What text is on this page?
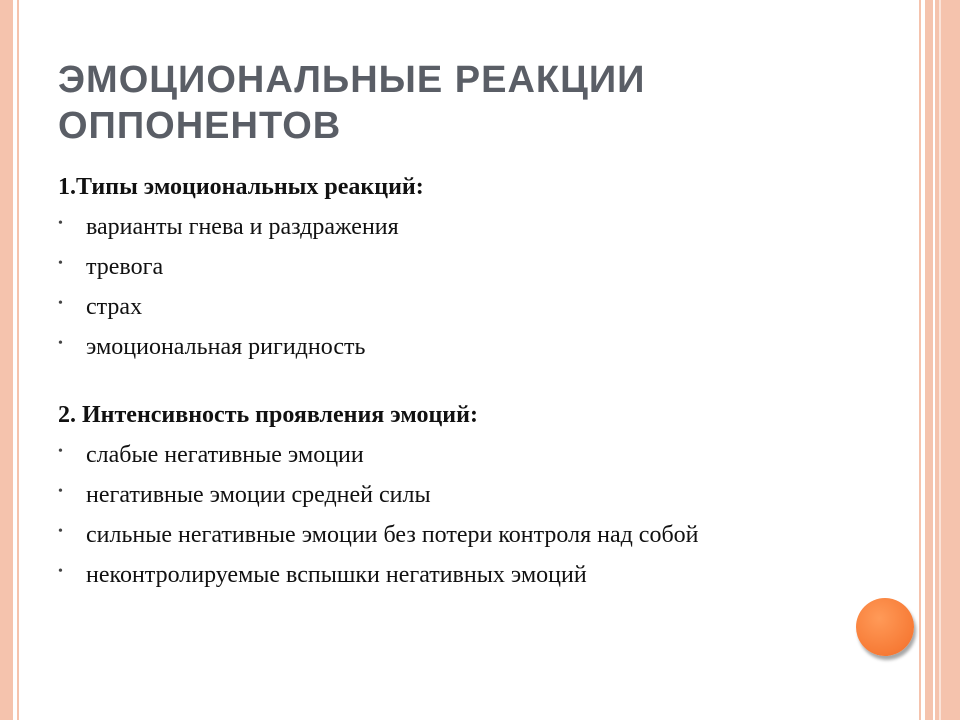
ЭМОЦИОНАЛЬНЫЕ РЕАКЦИИ ОППОНЕНТОВ

1.Типы эмоциональных реакций:

• варианты гнева и раздражения
• тревога
• страх
• эмоциональная ригидность

2. Интенсивность проявления эмоций:

• слабые негативные эмоции
• негативные эмоции средней силы
• сильные негативные эмоции без потери контроля над собой
• неконтролируемые вспышки негативных эмоций
